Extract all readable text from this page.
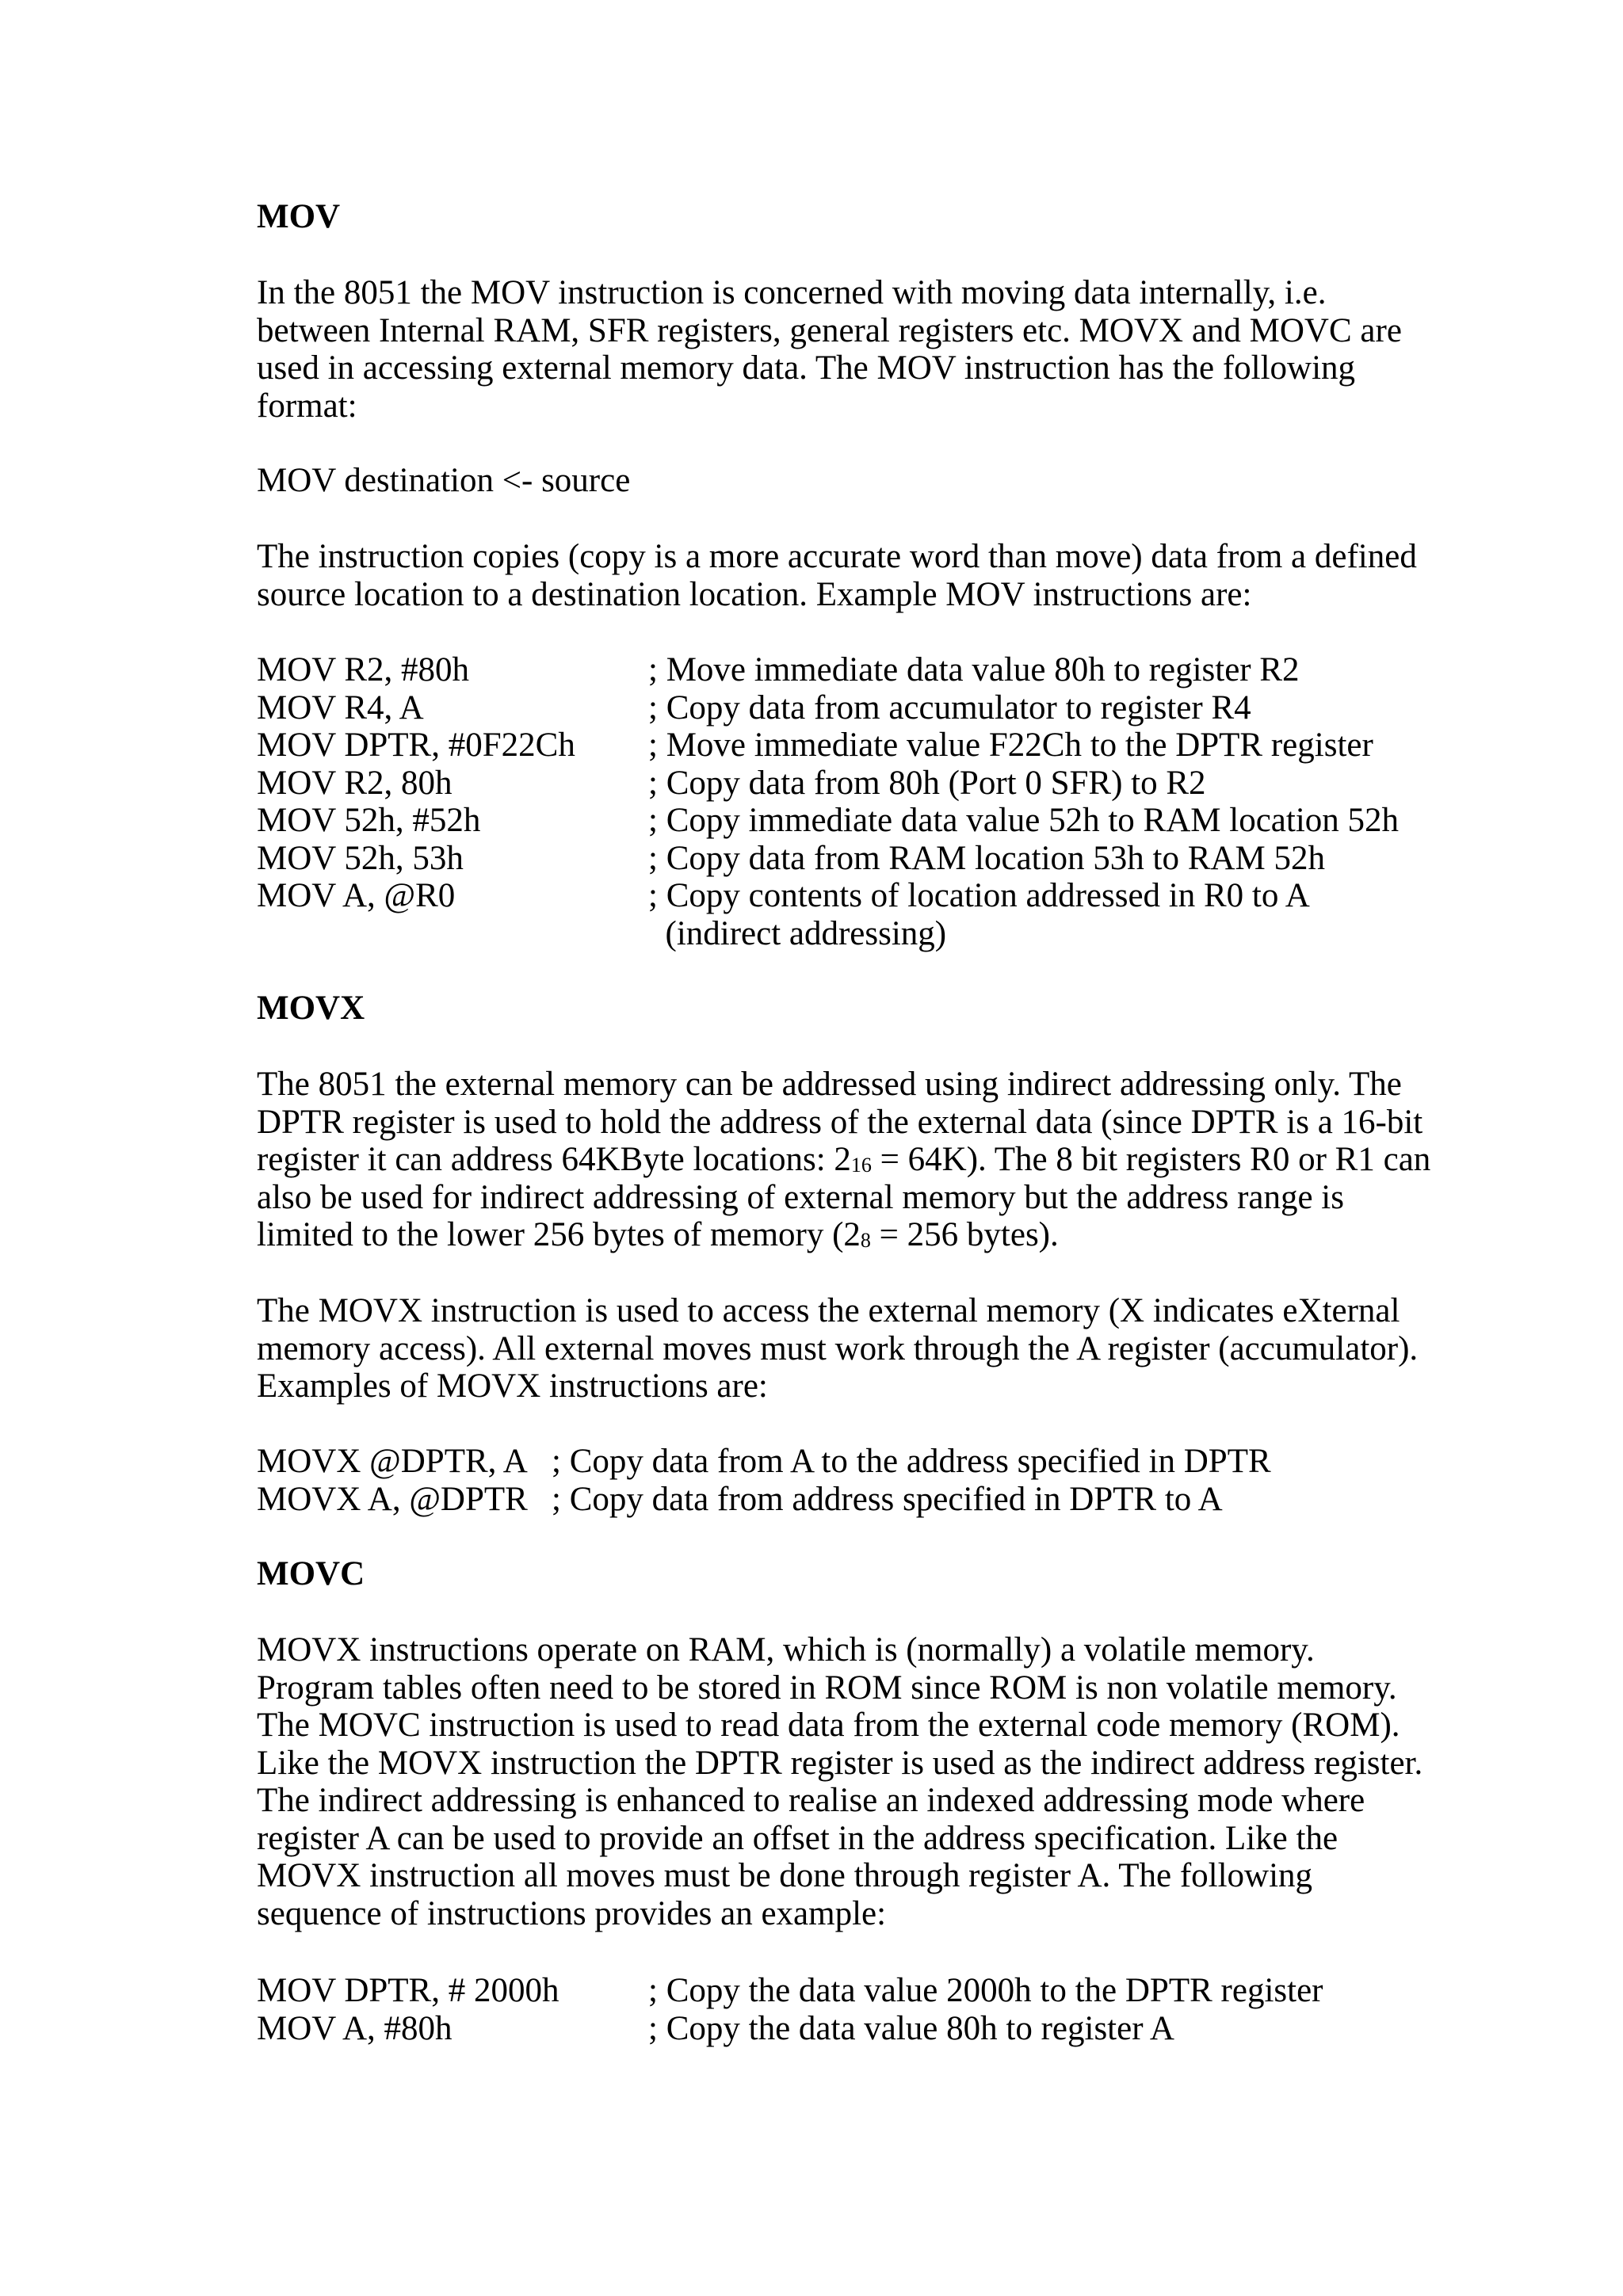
MOV
In the 8051 the MOV instruction is concerned with moving data internally, i.e.
between Internal RAM, SFR registers, general registers etc. MOVX and MOVC are
used in accessing external memory data. The MOV instruction has the following
format:
MOV destination <- source
The instruction copies (copy is a more accurate word than move) data from a defined
source location to a destination location. Example MOV instructions are:
MOV R2, #80h	; Move immediate data value 80h to register R2
MOV R4, A	; Copy data from accumulator to register R4
MOV DPTR, #0F22Ch ; Move immediate value F22Ch to the DPTR register
MOV R2, 80h	; Copy data from 80h (Port 0 SFR) to R2
MOV 52h, #52h	; Copy immediate data value 52h to RAM location 52h
MOV 52h, 53h	; Copy data from RAM location 53h to RAM 52h
MOV A, @R0	; Copy contents of location addressed in R0 to A
(indirect addressing)
MOVX
The 8051 the external memory can be addressed using indirect addressing only. The
DPTR register is used to hold the address of the external data (since DPTR is a 16-bit
register it can address 64KByte locations: $2_{16} = 64K$). The 8 bit registers R0 or R1 can
also be used for indirect addressing of external memory but the address range is
limited to the lower 256 bytes of memory ($2_8 = 256$ bytes).
The MOVX instruction is used to access the external memory (X indicates eXternal
memory access). All external moves must work through the A register (accumulator).
Examples of MOVX instructions are:
MOVX @DPTR, A ; Copy data from A to the address specified in DPTR
MOVX A, @DPTR ; Copy data from address specified in DPTR to A
MOVC
MOVX instructions operate on RAM, which is (normally) a volatile memory.
Program tables often need to be stored in ROM since ROM is non volatile memory.
The MOVC instruction is used to read data from the external code memory (ROM).
Like the MOVX instruction the DPTR register is used as the indirect address register.
The indirect addressing is enhanced to realise an indexed addressing mode where
register A can be used to provide an offset in the address specification. Like the
MOVX instruction all moves must be done through register A. The following
sequence of instructions provides an example:
MOV DPTR, # 2000h	; Copy the data value 2000h to the DPTR register
MOV A, #80h	; Copy the data value 80h to register A
